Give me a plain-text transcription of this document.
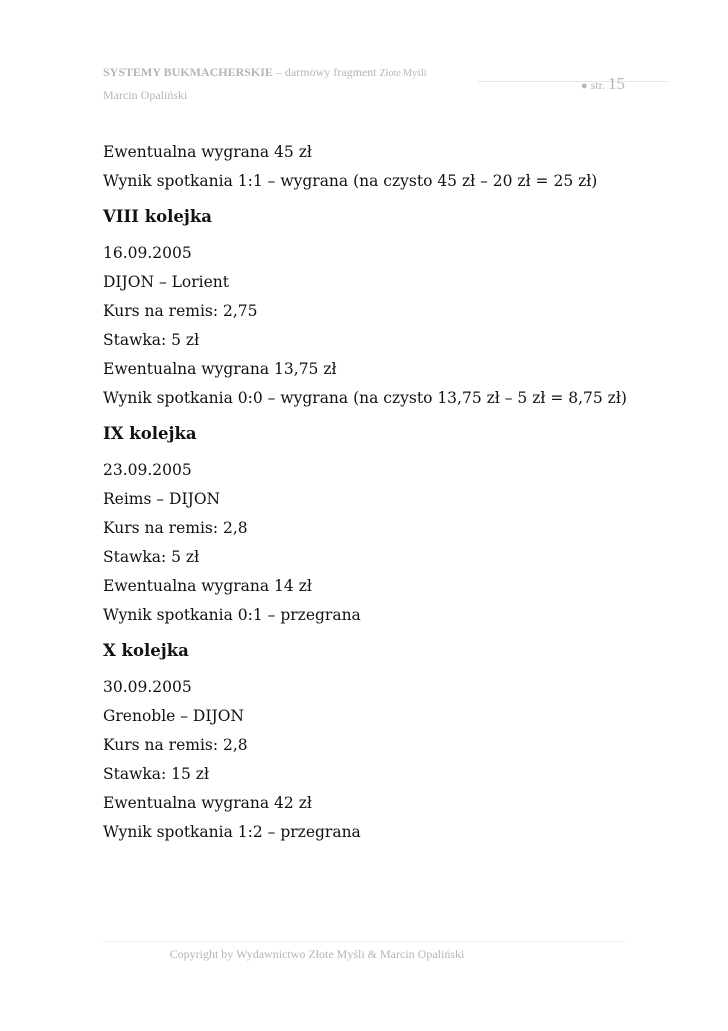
SYSTEMY BUKMACHERSKIE – darmowy fragment Złote Myśli
Marcin Opaliński
● str. 15
Ewentualna wygrana 45 zł
Wynik spotkania 1:1 – wygrana (na czysto 45 zł – 20 zł = 25 zł)
VIII kolejka
16.09.2005
DIJON – Lorient
Kurs na remis: 2,75
Stawka: 5 zł
Ewentualna wygrana 13,75 zł
Wynik spotkania 0:0 – wygrana (na czysto 13,75 zł – 5 zł = 8,75 zł)
IX kolejka
23.09.2005
Reims – DIJON
Kurs na remis: 2,8
Stawka: 5 zł
Ewentualna wygrana 14 zł
Wynik spotkania 0:1 – przegrana
X kolejka
30.09.2005
Grenoble – DIJON
Kurs na remis: 2,8
Stawka: 15 zł
Ewentualna wygrana 42 zł
Wynik spotkania 1:2 – przegrana
Copyright by Wydawnictwo Złote Myśli & Marcin Opaliński
